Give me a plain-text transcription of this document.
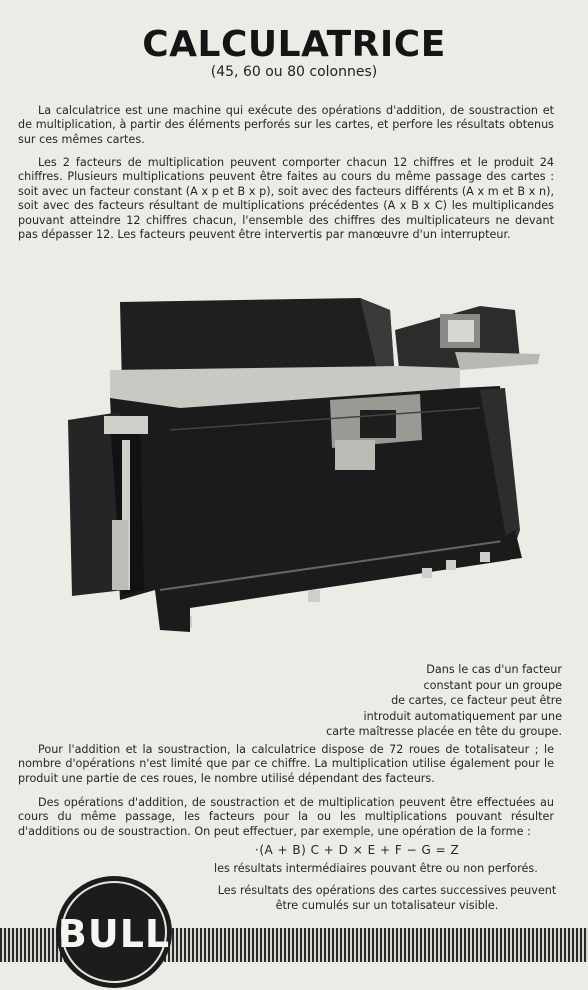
CALCULATRICE
(45, 60 ou 80 colonnes)
La calculatrice est une machine qui exécute des opérations d'addition, de soustraction et de multiplication, à partir des éléments perforés sur les cartes, et perfore les résultats obtenus sur ces mêmes cartes.
Les 2 facteurs de multiplication peuvent comporter chacun 12 chiffres et le produit 24 chiffres. Plusieurs multiplications peuvent être faites au cours du même passage des cartes : soit avec un facteur constant (A x p et B x p), soit avec des facteurs différents (A x m et B x n), soit avec des facteurs résultant de multiplications précédentes (A x B x C) les multiplicandes pouvant atteindre 12 chiffres chacun, l'ensemble des chiffres des multiplicateurs ne devant pas dépasser 12. Les facteurs peuvent être intervertis par manœuvre d'un interrupteur.
Dans le cas d'un facteur
constant pour un groupe
de cartes, ce facteur peut être
introduit automatiquement par une
carte maîtresse placée en tête du groupe.
Pour l'addition et la soustraction, la calculatrice dispose de 72 roues de totalisateur ; le nombre d'opérations n'est limité que par ce chiffre. La multiplication utilise également pour le produit une partie de ces roues, le nombre utilisé dépendant des facteurs.
Des opérations d'addition, de soustraction et de multiplication peuvent être effectuées au cours du même passage, les facteurs pour la ou les multiplications pouvant résulter d'additions ou de soustraction. On peut effectuer, par exemple, une opération de la forme :
·(A + B) C + D × E + F − G = Z
les résultats intermédiaires pouvant être ou non perforés.
Les résultats des opérations des cartes successives peuvent être cumulés sur un totalisateur visible.
BULL
